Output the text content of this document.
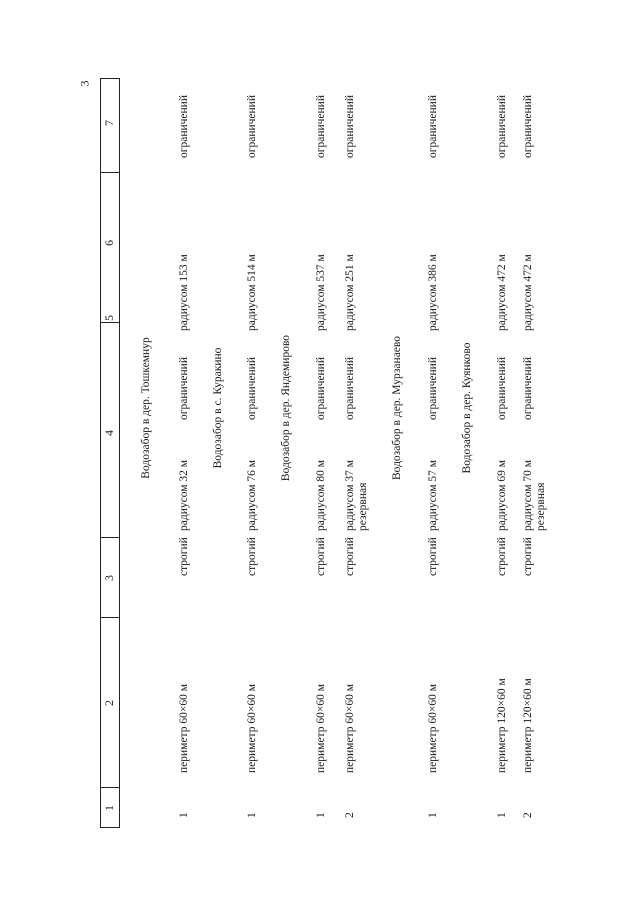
3
1
2
3
4
5
6
7
Водозабор в дер. Тошкемнур
1
периметр 60×60 м
строгий
радиусом 32 м
ограничений
радиусом 153 м
ограничений
Водозабор в с. Куракино
1
периметр 60×60 м
строгий
радиусом 76 м
ограничений
радиусом 514 м
ограничений
Водозабор в дер. Яндемирово
1
периметр 60×60 м
строгий
радиусом 80 м
ограничений
радиусом 537 м
ограничений
2
периметр 60×60 м
строгий
радиусом 37 м резервная
ограничений
радиусом 251 м
ограничений
Водозабор в дер. Мурзанаево
1
периметр 60×60 м
строгий
радиусом 57 м
ограничений
радиусом 386 м
ограничений
Водозабор в дер. Куянково
1
периметр 120×60 м
строгий
радиусом 69 м
ограничений
радиусом 472 м
ограничений
2
периметр 120×60 м
строгий
радиусом 70 м резервная
ограничений
радиусом 472 м
ограничений
